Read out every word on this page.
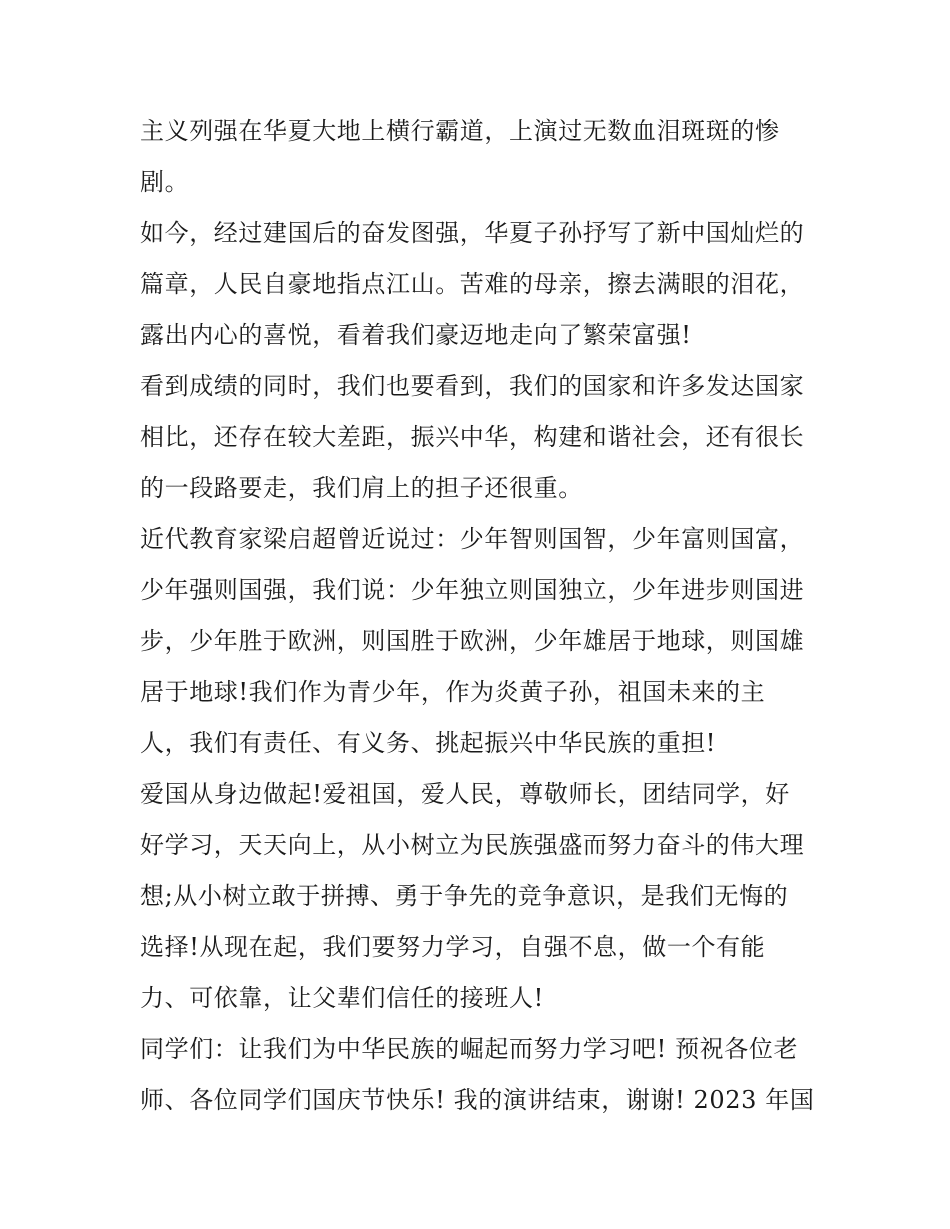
主义列强在华夏大地上横行霸道，上演过无数血泪斑斑的惨
剧。
如今，经过建国后的奋发图强，华夏子孙抒写了新中国灿烂的
篇章，人民自豪地指点江山。苦难的母亲，擦去满眼的泪花，
露出内心的喜悦，看着我们豪迈地走向了繁荣富强!
看到成绩的同时，我们也要看到，我们的国家和许多发达国家
相比，还存在较大差距，振兴中华，构建和谐社会，还有很长
的一段路要走，我们肩上的担子还很重。
近代教育家梁启超曾近说过：少年智则国智，少年富则国富，
少年强则国强，我们说：少年独立则国独立，少年进步则国进
步，少年胜于欧洲，则国胜于欧洲，少年雄居于地球，则国雄
居于地球!我们作为青少年，作为炎黄子孙，祖国未来的主
人，我们有责任、有义务、挑起振兴中华民族的重担!
爱国从身边做起!爱祖国，爱人民，尊敬师长，团结同学，好
好学习，天天向上，从小树立为民族强盛而努力奋斗的伟大理
想;从小树立敢于拼搏、勇于争先的竞争意识，是我们无悔的
选择!从现在起，我们要努力学习，自强不息，做一个有能
力、可依靠，让父辈们信任的接班人!
同学们：让我们为中华民族的崛起而努力学习吧! 预祝各位老
师、各位同学们国庆节快乐! 我的演讲结束，谢谢! 2023 年国
